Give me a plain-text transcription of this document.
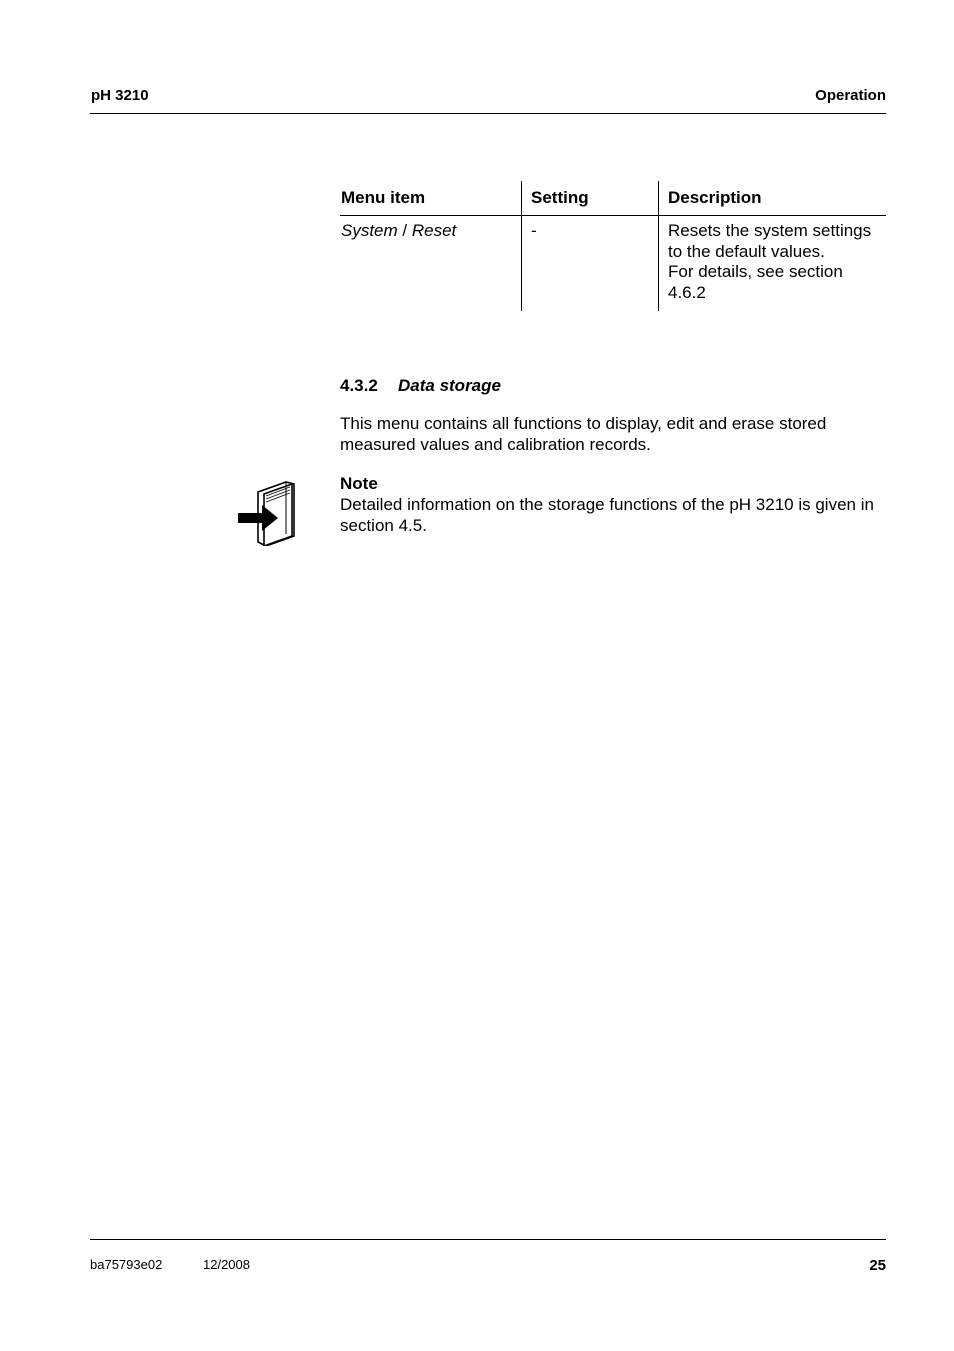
pH 3210	Operation
Menu item	Setting	Description
System / Reset	-	Resets the system settings
to the default values.
For details, see section
4.6.2
4.3.2 Data storage
This menu contains all functions to display, edit and erase stored
measured values and calibration records.
Note
Detailed information on the storage functions of the pH 3210 is given in
section 4.5.
ba75793e02	12/2008	25
